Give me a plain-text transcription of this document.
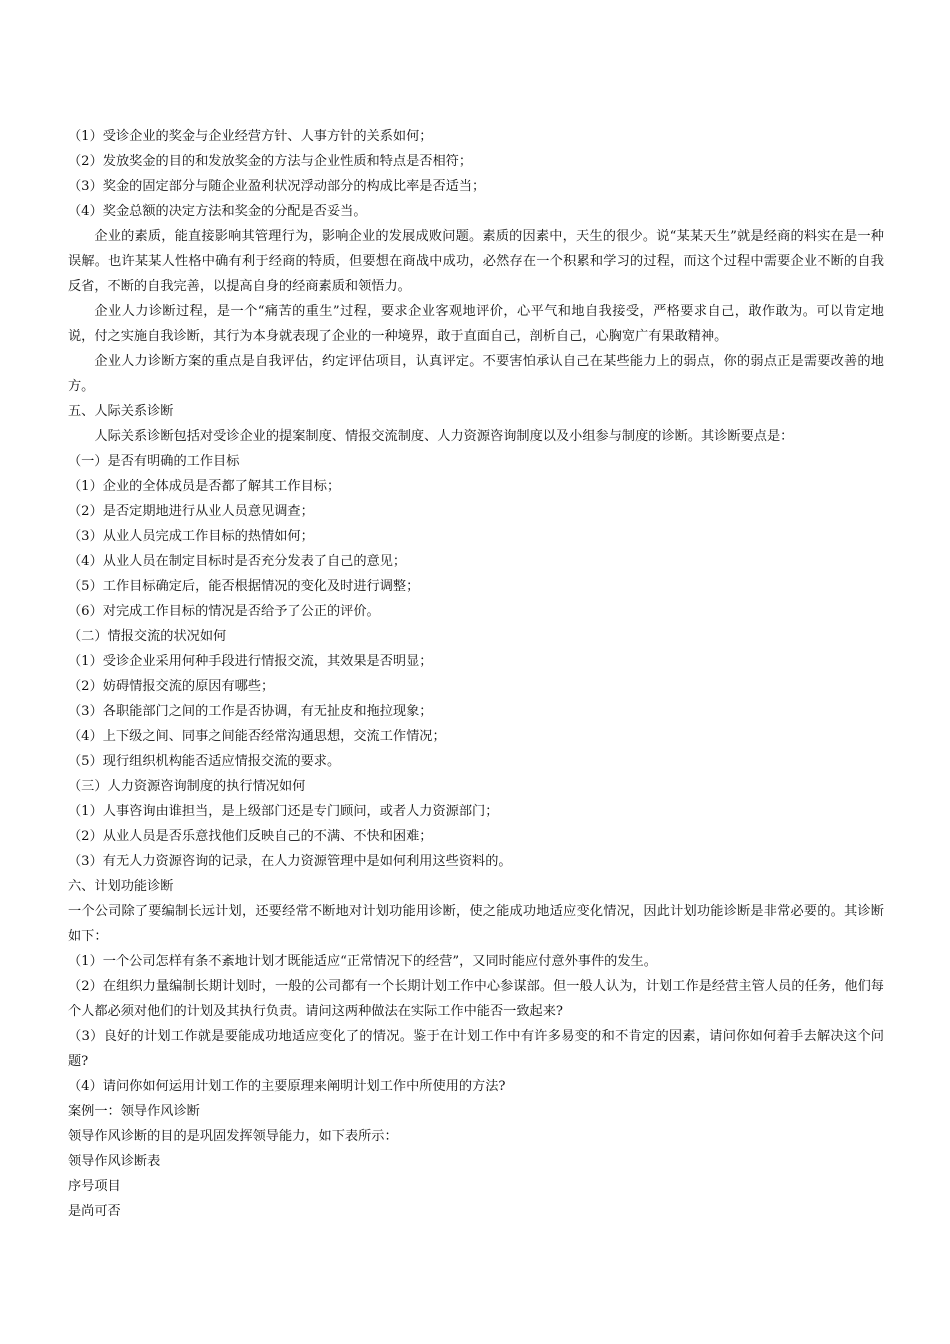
（1）受诊企业的奖金与企业经营方针、人事方针的关系如何；
（2）发放奖金的目的和发放奖金的方法与企业性质和特点是否相符；
（3）奖金的固定部分与随企业盈利状况浮动部分的构成比率是否适当；
（4）奖金总额的决定方法和奖金的分配是否妥当。
企业的素质，能直接影响其管理行为，影响企业的发展成败问题。素质的因素中，天生的很少。说“某某天生”就是经商的料实在是一种误解。也许某某人性格中确有利于经商的特质，但要想在商战中成功，必然存在一个积累和学习的过程，而这个过程中需要企业不断的自我反省，不断的自我完善，以提高自身的经商素质和领悟力。
企业人力诊断过程，是一个“痛苦的重生”过程，要求企业客观地评价，心平气和地自我接受，严格要求自己，敢作敢为。可以肯定地说，付之实施自我诊断，其行为本身就表现了企业的一种境界，敢于直面自己，剖析自己，心胸宽广有果敢精神。
企业人力诊断方案的重点是自我评估，约定评估项目，认真评定。不要害怕承认自己在某些能力上的弱点，你的弱点正是需要改善的地方。
五、人际关系诊断
人际关系诊断包括对受诊企业的提案制度、情报交流制度、人力资源咨询制度以及小组参与制度的诊断。其诊断要点是：
（一）是否有明确的工作目标
（1）企业的全体成员是否都了解其工作目标；
（2）是否定期地进行从业人员意见调查；
（3）从业人员完成工作目标的热情如何；
（4）从业人员在制定目标时是否充分发表了自己的意见；
（5）工作目标确定后，能否根据情况的变化及时进行调整；
（6）对完成工作目标的情况是否给予了公正的评价。
（二）情报交流的状况如何
（1）受诊企业采用何种手段进行情报交流，其效果是否明显；
（2）妨碍情报交流的原因有哪些；
（3）各职能部门之间的工作是否协调，有无扯皮和拖拉现象；
（4）上下级之间、同事之间能否经常沟通思想，交流工作情况；
（5）现行组织机构能否适应情报交流的要求。
（三）人力资源咨询制度的执行情况如何
（1）人事咨询由谁担当，是上级部门还是专门顾问，或者人力资源部门；
（2）从业人员是否乐意找他们反映自己的不满、不快和困难；
（3）有无人力资源咨询的记录，在人力资源管理中是如何利用这些资料的。
六、计划功能诊断
一个公司除了要编制长远计划，还要经常不断地对计划功能用诊断，使之能成功地适应变化情况，因此计划功能诊断是非常必要的。其诊断如下：
（1）一个公司怎样有条不紊地计划才既能适应“正常情况下的经营”，又同时能应付意外事件的发生。
（2）在组织力量编制长期计划时，一般的公司都有一个长期计划工作中心参谋部。但一般人认为，计划工作是经营主管人员的任务，他们每个人都必须对他们的计划及其执行负责。请问这两种做法在实际工作中能否一致起来?
（3）良好的计划工作就是要能成功地适应变化了的情况。鉴于在计划工作中有许多易变的和不肯定的因素，请问你如何着手去解决这个问题?
（4）请问你如何运用计划工作的主要原理来阐明计划工作中所使用的方法?
案例一：领导作风诊断
领导作风诊断的目的是巩固发挥领导能力，如下表所示：
领导作风诊断表
序号项目
是尚可否
